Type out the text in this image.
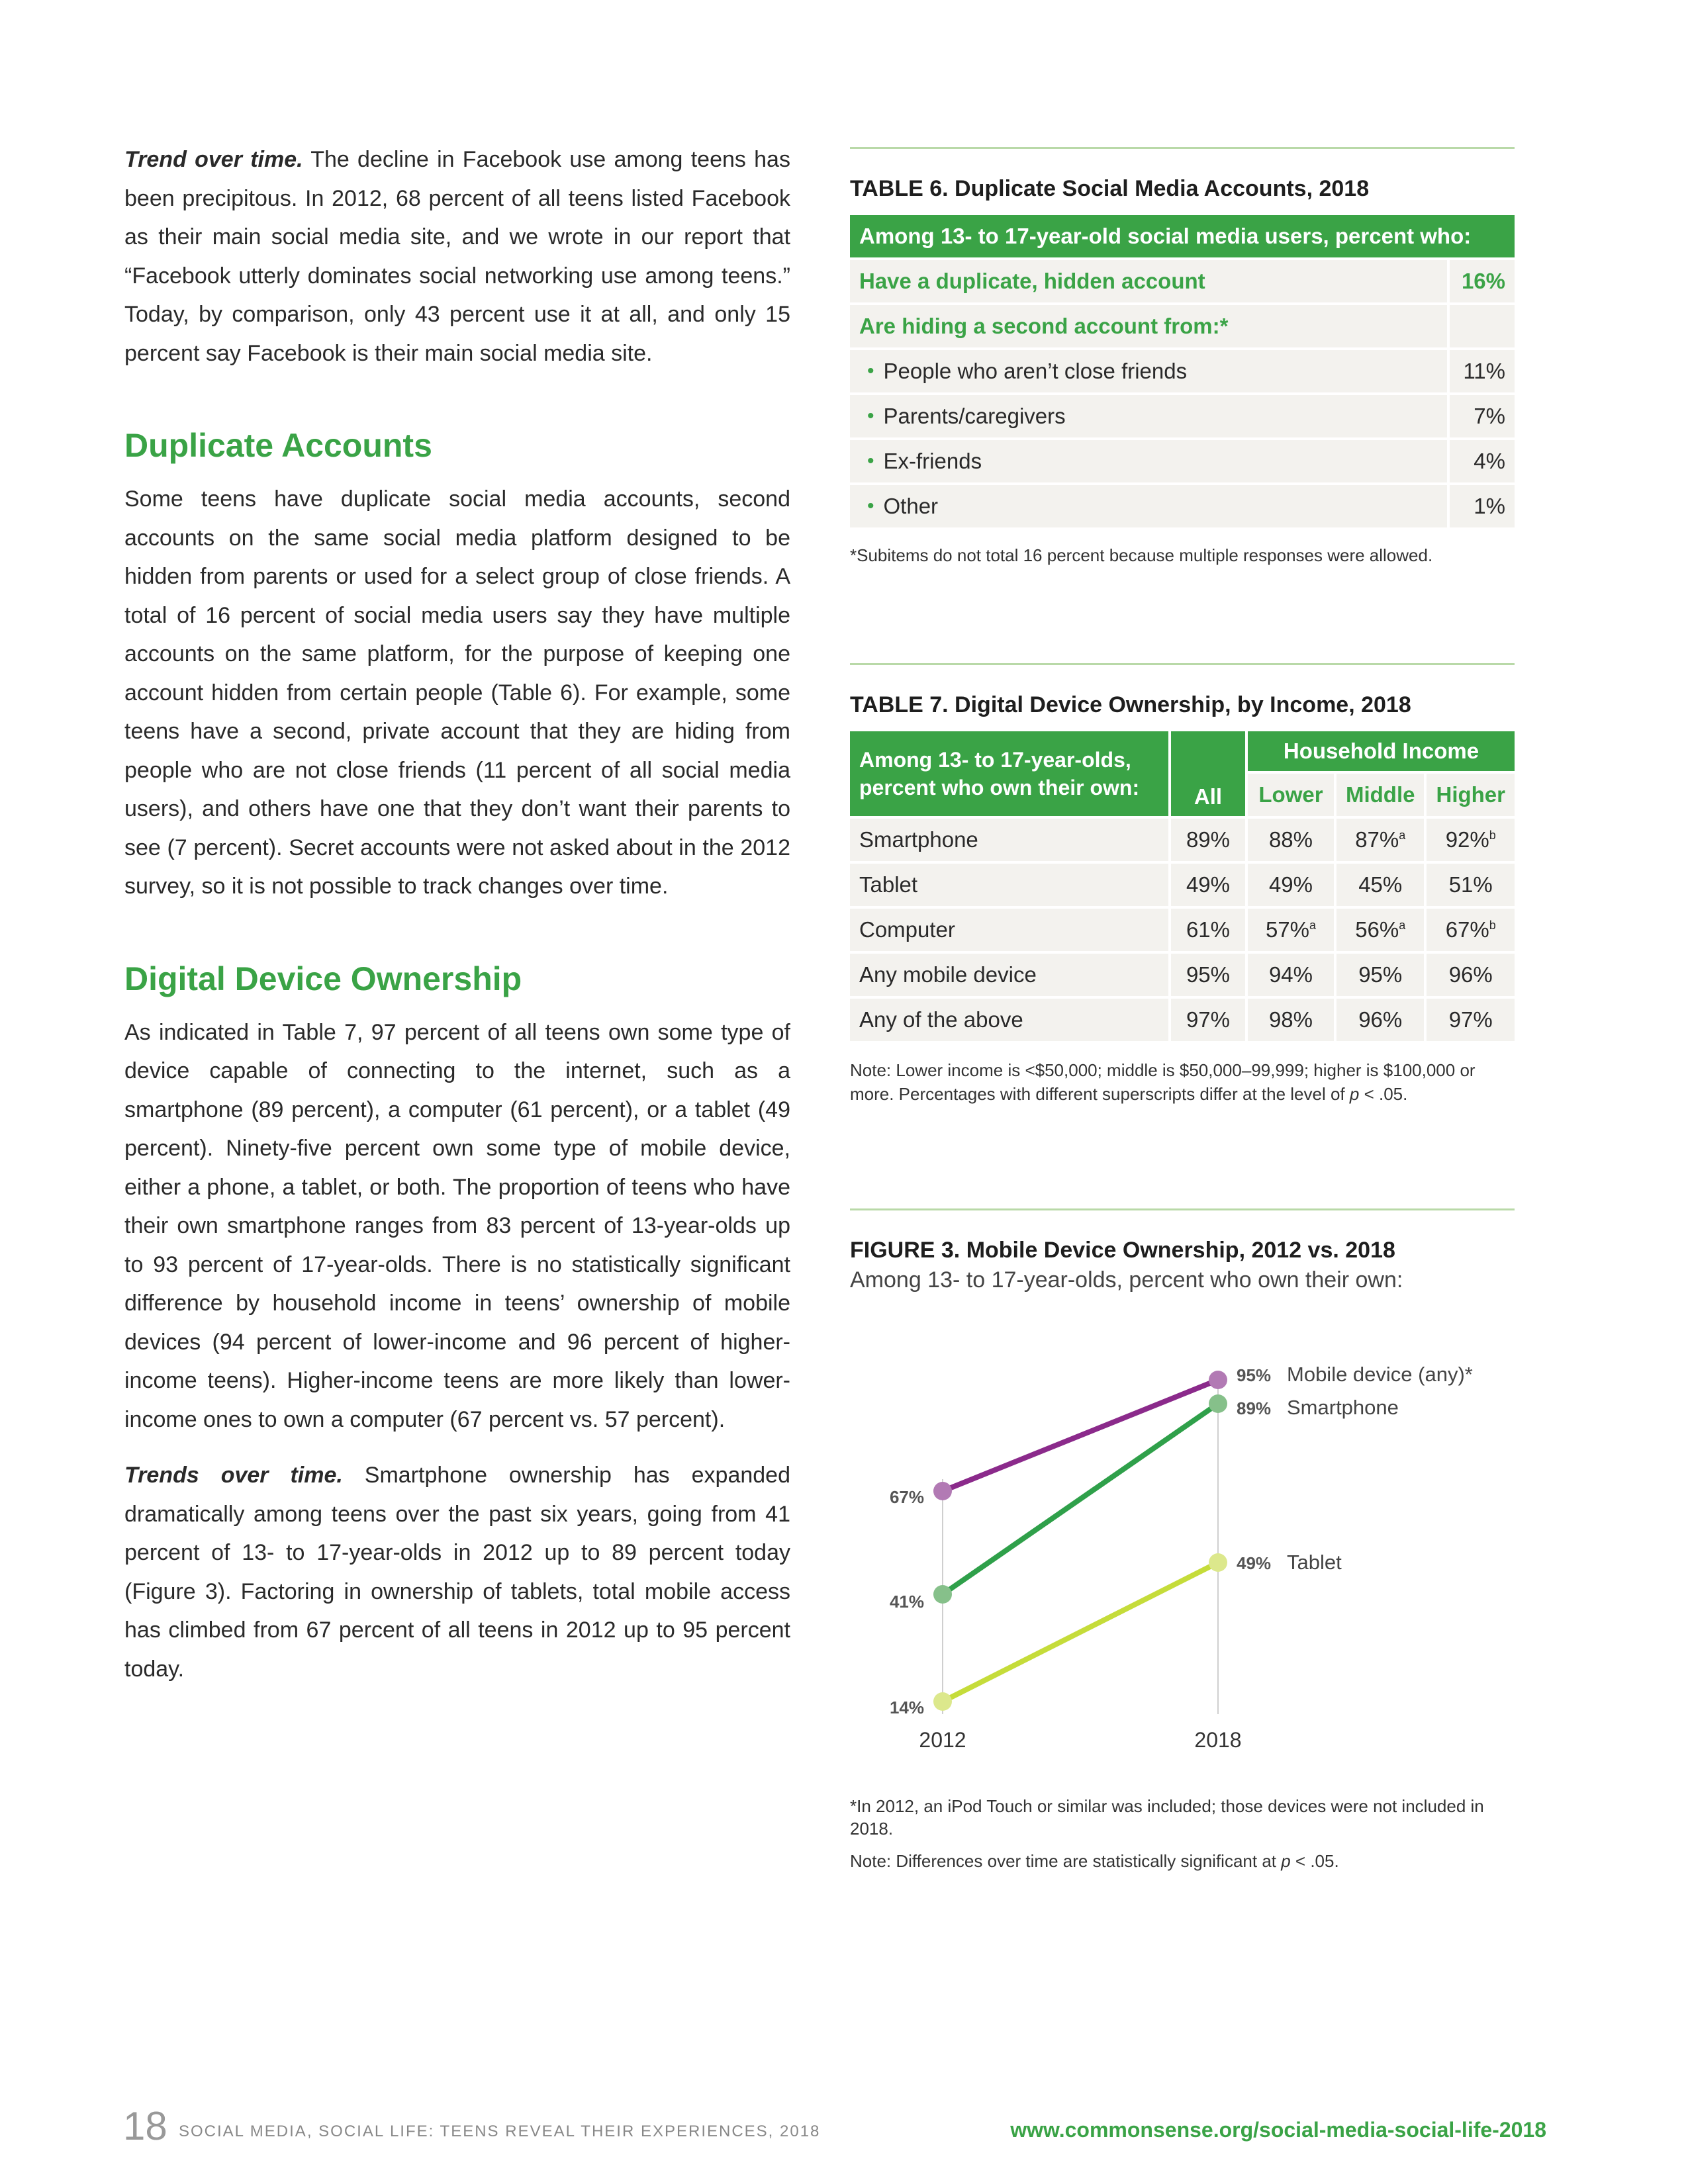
Trend over time. The decline in Facebook use among teens has been precipitous. In 2012, 68 percent of all teens listed Facebook as their main social media site, and we wrote in our report that “Facebook utterly dominates social networking use among teens.” Today, by comparison, only 43 percent use it at all, and only 15 percent say Facebook is their main social media site.

Duplicate Accounts

Some teens have duplicate social media accounts, second accounts on the same social media platform designed to be hidden from parents or used for a select group of close friends. A total of 16 percent of social media users say they have multiple accounts on the same platform, for the purpose of keeping one account hidden from certain people (Table 6). For example, some teens have a second, private account that they are hiding from people who are not close friends (11 percent of all social media users), and others have one that they don’t want their parents to see (7 percent). Secret accounts were not asked about in the 2012 survey, so it is not possible to track changes over time.

Digital Device Ownership

As indicated in Table 7, 97 percent of all teens own some type of device capable of connecting to the internet, such as a smartphone (89 percent), a computer (61 percent), or a tablet (49 percent). Ninety-five percent own some type of mobile device, either a phone, a tablet, or both. The proportion of teens who have their own smartphone ranges from 83 percent of 13-year-olds up to 93 percent of 17-year-olds. There is no statistically significant difference by household income in teens’ ownership of mobile devices (94 percent of lower-income and 96 percent of higher-income teens). Higher-income teens are more likely than lower-income ones to own a computer (67 percent vs. 57 percent).

Trends over time. Smartphone ownership has expanded dramatically among teens over the past six years, going from 41 percent of 13- to 17-year-olds in 2012 up to 89 percent today (Figure 3). Factoring in ownership of tablets, total mobile access has climbed from 67 percent of all teens in 2012 up to 95 percent today.

TABLE 6. Duplicate Social Media Accounts, 2018

Among 13- to 17-year-old social media users, percent who:	
Have a duplicate, hidden account	16%
Are hiding a second account from:*	
• People who aren’t close friends	11%
• Parents/caregivers	7%
• Ex-friends	4%
• Other	1%

*Subitems do not total 16 percent because multiple responses were allowed.

TABLE 7. Digital Device Ownership, by Income, 2018

Among 13- to 17-year-olds,
percent who own their own:	All	Household Income		
		Lower	Middle	Higher
Smartphone	89%	88%	87%$^a$	92%$^b$
Tablet	49%	49%	45%	51%
Computer	61%	57%$^a$	56%$^a$	67%$^b$
Any mobile device	95%	94%	95%	96%
Any of the above	97%	98%	96%	97%

Note: Lower income is <$50,000; middle is $50,000–99,999; higher is $100,000 or more. Percentages with different superscripts differ at the level of p < .05.

FIGURE 3. Mobile Device Ownership, 2012 vs. 2018

Among 13- to 17-year-olds, percent who own their own:

2012	2018
67%
95% Mobile device (any)*
41%
89% Smartphone
14%
49% Tablet

*In 2012, an iPod Touch or similar was included; those devices were not included in 2018.

Note: Differences over time are statistically significant at p < .05.

18 SOCIAL MEDIA, SOCIAL LIFE: TEENS REVEAL THEIR EXPERIENCES, 2018	www.commonsense.org/social-media-social-life-2018
